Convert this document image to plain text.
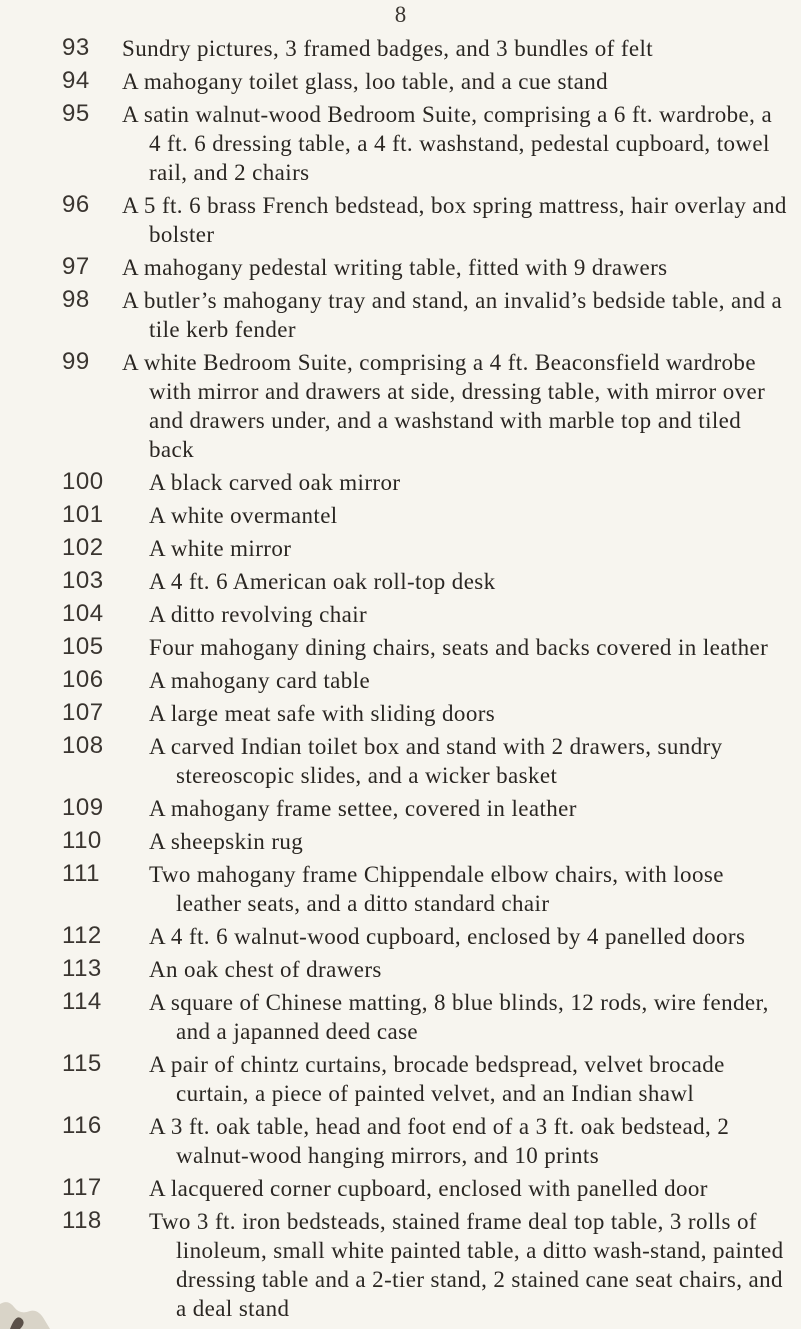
8
93 Sundry pictures, 3 framed badges, and 3 bundles of felt
94 A mahogany toilet glass, loo table, and a cue stand
95 A satin walnut-wood Bedroom Suite, comprising a 6 ft. wardrobe, a 4 ft. 6 dressing table, a 4 ft. washstand, pedestal cupboard, towel rail, and 2 chairs
96 A 5 ft. 6 brass French bedstead, box spring mattress, hair overlay and bolster
97 A mahogany pedestal writing table, fitted with 9 drawers
98 A butler’s mahogany tray and stand, an invalid’s bedside table, and a tile kerb fender
99 A white Bedroom Suite, comprising a 4 ft. Beaconsfield wardrobe with mirror and drawers at side, dressing table, with mirror over and drawers under, and a washstand with marble top and tiled back
100 A black carved oak mirror
101 A white overmantel
102 A white mirror
103 A 4 ft. 6 American oak roll-top desk
104 A ditto revolving chair
105 Four mahogany dining chairs, seats and backs covered in leather
106 A mahogany card table
107 A large meat safe with sliding doors
108 A carved Indian toilet box and stand with 2 drawers, sundry stereoscopic slides, and a wicker basket
109 A mahogany frame settee, covered in leather
110 A sheepskin rug
111 Two mahogany frame Chippendale elbow chairs, with loose leather seats, and a ditto standard chair
112 A 4 ft. 6 walnut-wood cupboard, enclosed by 4 panelled doors
113 An oak chest of drawers
114 A square of Chinese matting, 8 blue blinds, 12 rods, wire fender, and a japanned deed case
115 A pair of chintz curtains, brocade bedspread, velvet brocade curtain, a piece of painted velvet, and an Indian shawl
116 A 3 ft. oak table, head and foot end of a 3 ft. oak bedstead, 2 walnut-wood hanging mirrors, and 10 prints
117 A lacquered corner cupboard, enclosed with panelled door
118 Two 3 ft. iron bedsteads, stained frame deal top table, 3 rolls of linoleum, small white painted table, a ditto wash-stand, painted dressing table and a 2-tier stand, 2 stained cane seat chairs, and a deal stand
